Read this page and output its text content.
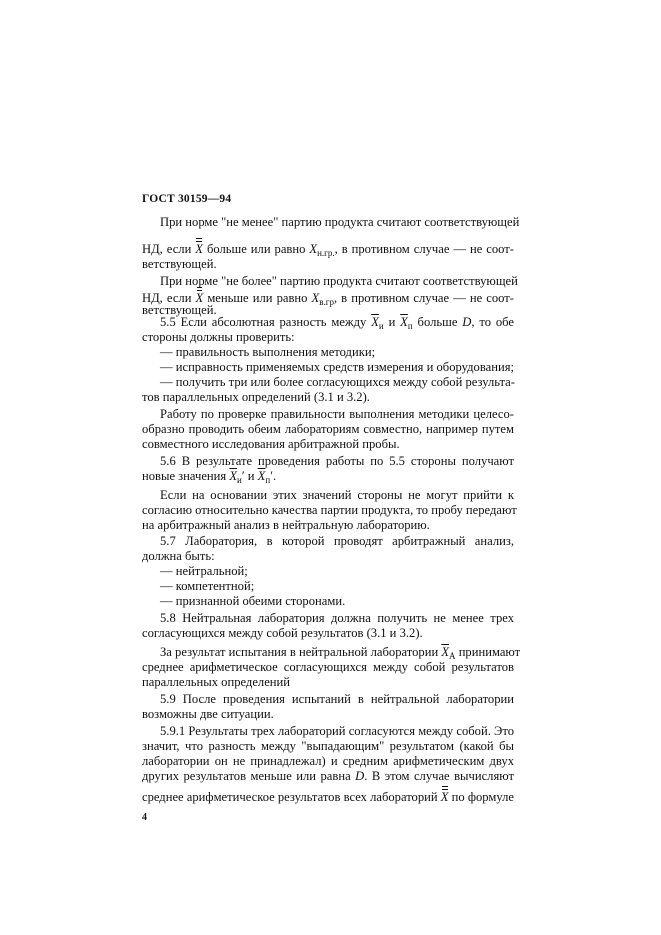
ГОСТ 30159—94
При норме "не менее" партию продукта считают соответствующей
НД, если X больше или равно $X_{н.гр.}$, в противном случае — не соот-
ветствующей.
При норме "не более" партию продукта считают соответствующей
НД, если X меньше или равно $X_{в.гр}$, в противном случае — не соот-
ветствующей.
5.5 Если абсолютная разность между $\overline{X}_и$ и $\overline{X}_п$ больше D, то обе
стороны должны проверить:
— правильность выполнения методики;
— исправность применяемых средств измерения и оборудования;
— получить три или более согласующихся между собой результа-
тов параллельных определений (3.1 и 3.2).
Работу по проверке правильности выполнения методики целесо-
образно проводить обеим лабораториям совместно, например путем
совместного исследования арбитражной пробы.
5.6 В результате проведения работы по 5.5 стороны получают
новые значения $\overline{X}_и'$ и $\overline{X}_п'$.
Если на основании этих значений стороны не могут прийти к
согласию относительно качества партии продукта, то пробу передают
на арбитражный анализ в нейтральную лабораторию.
5.7 Лаборатория, в которой проводят арбитражный анализ,
должна быть:
— нейтральной;
— компетентной;
— признанной обеими сторонами.
5.8 Нейтральная лаборатория должна получить не менее трех
согласующихся между собой результатов (3.1 и 3.2).
За результат испытания в нейтральной лаборатории $\overline{X}_А$ принимают
среднее арифметическое согласующихся между собой результатов
параллельных определений
5.9 После проведения испытаний в нейтральной лаборатории
возможны две ситуации.
5.9.1 Результаты трех лабораторий согласуются между собой. Это
значит, что разность между "выпадающим" результатом (какой бы
лаборатории он не принадлежал) и средним арифметическим двух
других результатов меньше или равна D. В этом случае вычисляют
среднее арифметическое результатов всех лабораторий X по формуле
4
